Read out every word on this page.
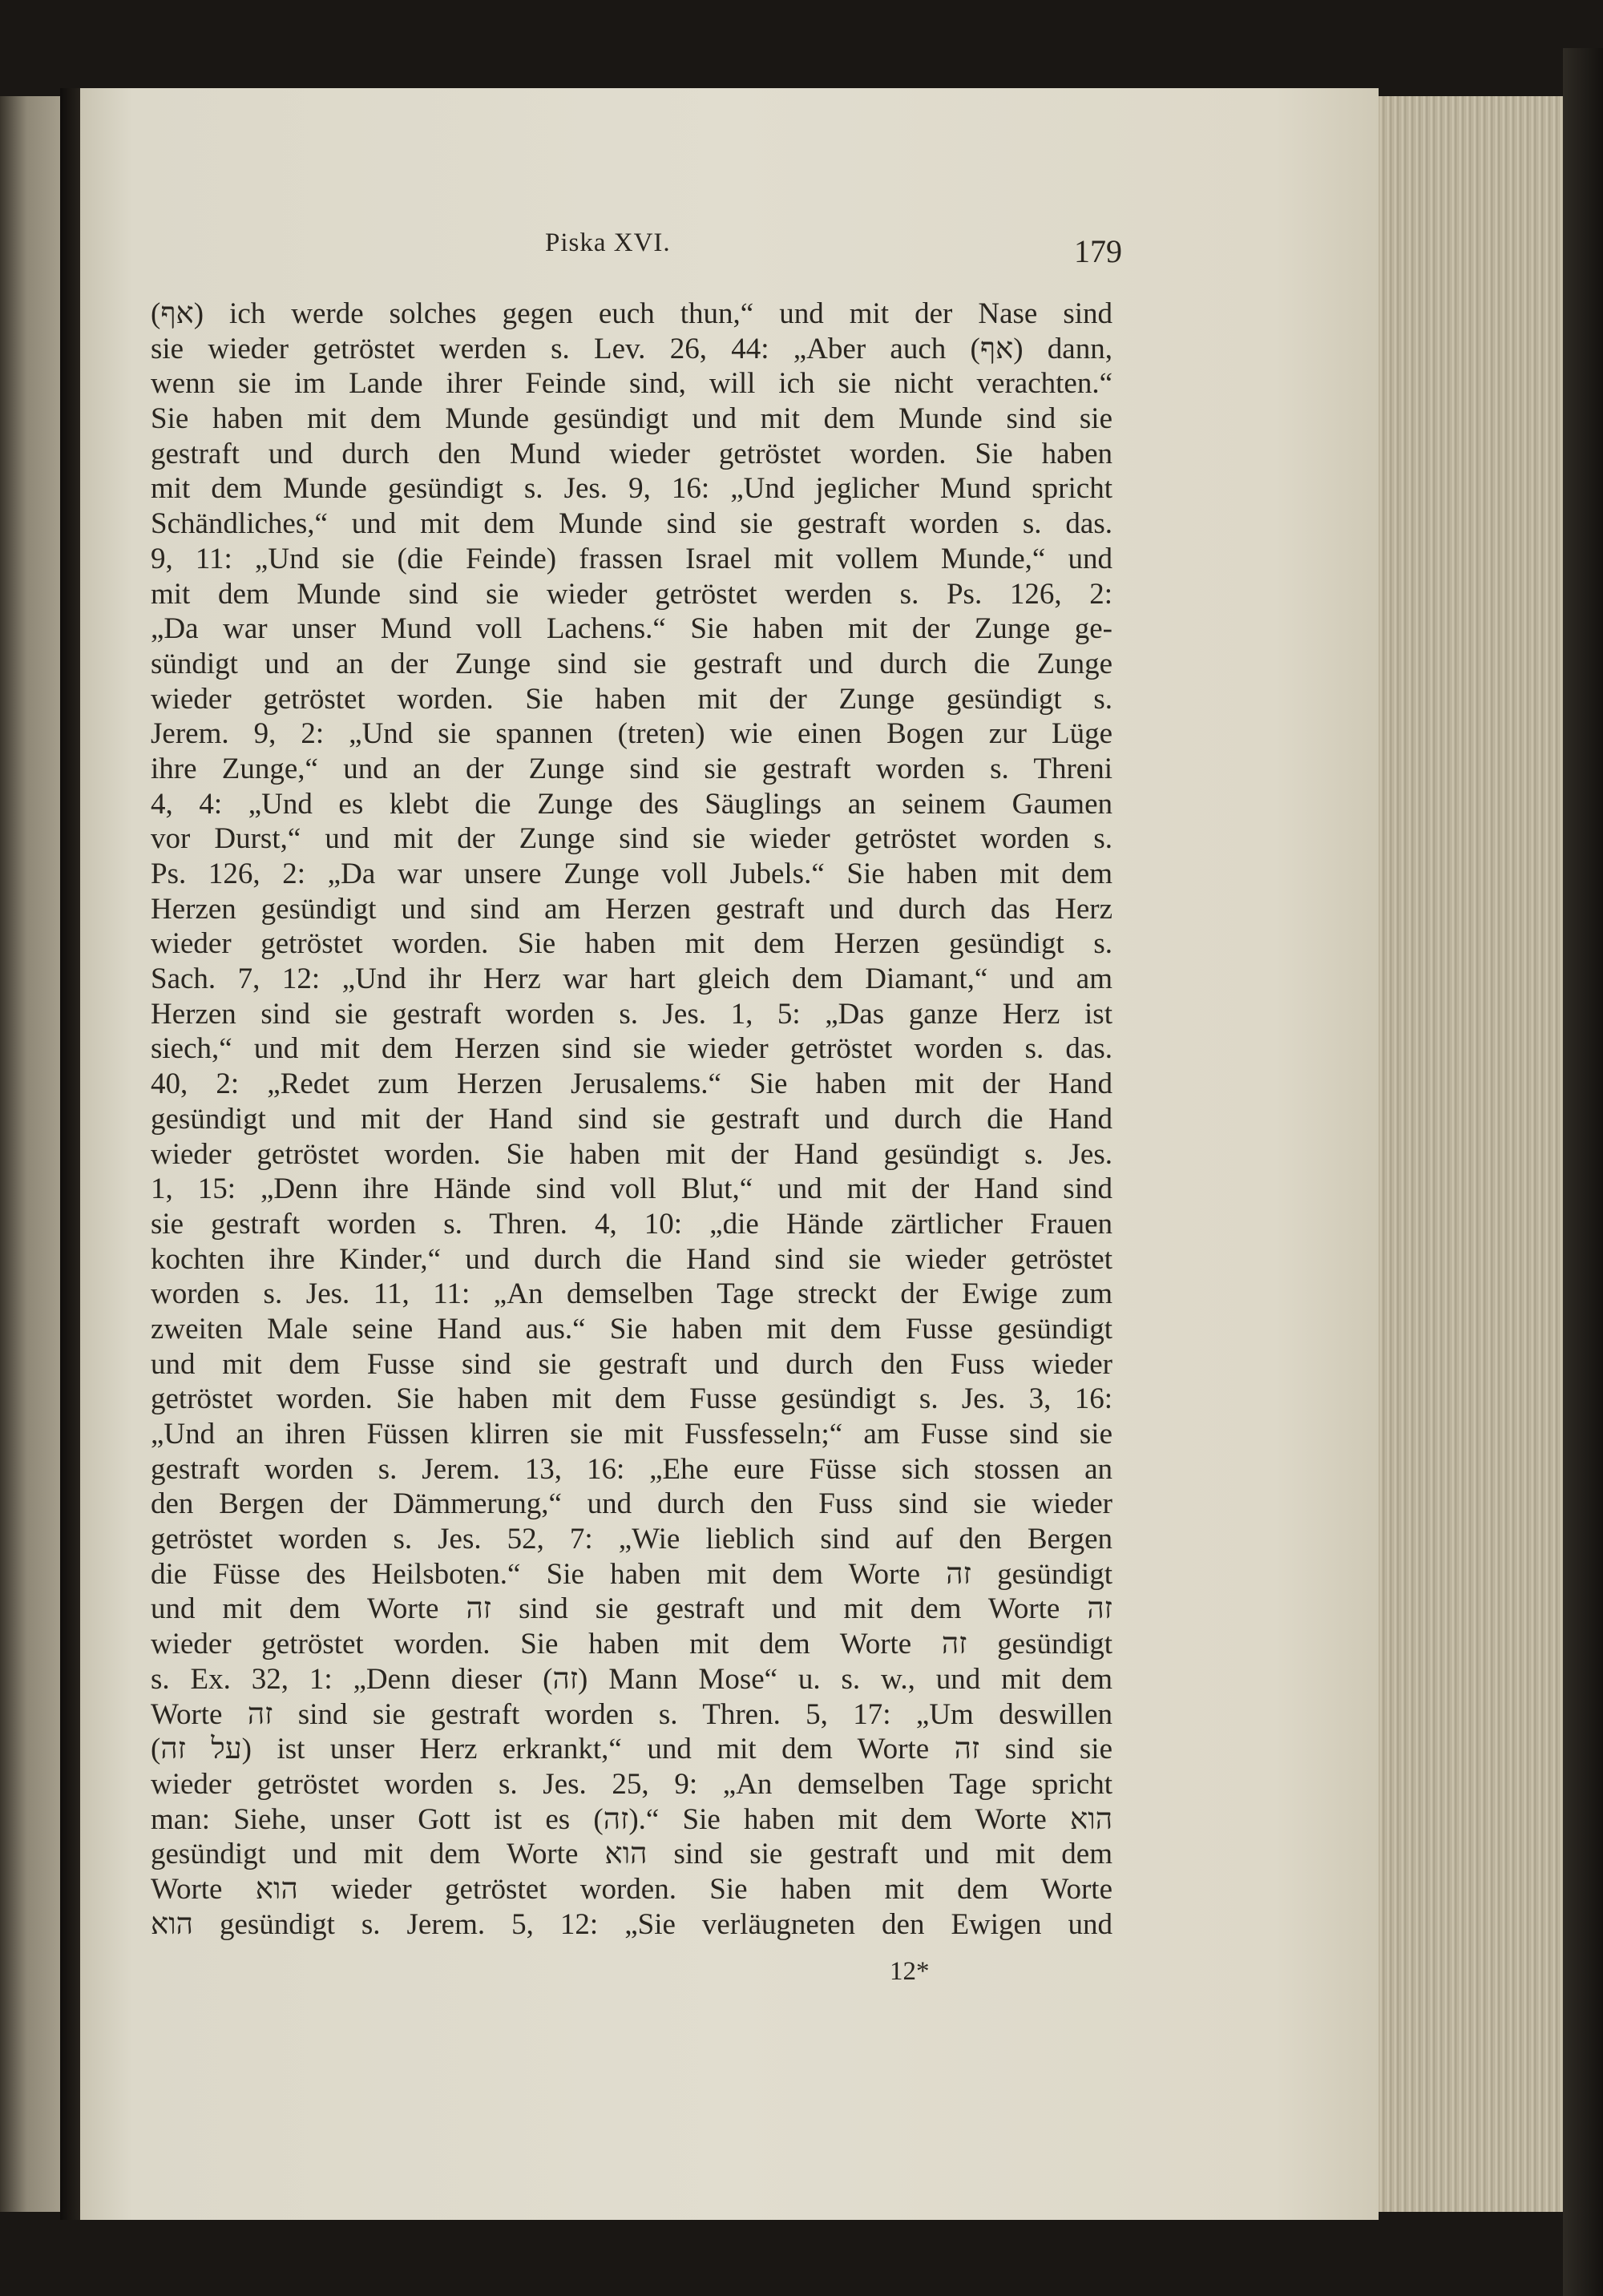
Piska XVI.	179
(אף) ich werde solches gegen euch thun,“ und mit der Nase sind
sie wieder getröstet werden s. Lev. 26, 44: „Aber auch (אף) dann,
wenn sie im Lande ihrer Feinde sind, will ich sie nicht verachten.“
Sie haben mit dem Munde gesündigt und mit dem Munde sind sie
gestraft und durch den Mund wieder getröstet worden. Sie haben
mit dem Munde gesündigt s. Jes. 9, 16: „Und jeglicher Mund spricht
Schändliches,“ und mit dem Munde sind sie gestraft worden s. das.
9, 11: „Und sie (die Feinde) frassen Israel mit vollem Munde,“ und
mit dem Munde sind sie wieder getröstet werden s. Ps. 126, 2:
„Da war unser Mund voll Lachens.“ Sie haben mit der Zunge ge-
sündigt und an der Zunge sind sie gestraft und durch die Zunge
wieder getröstet worden. Sie haben mit der Zunge gesündigt s.
Jerem. 9, 2: „Und sie spannen (treten) wie einen Bogen zur Lüge
ihre Zunge,“ und an der Zunge sind sie gestraft worden s. Threni
4, 4: „Und es klebt die Zunge des Säuglings an seinem Gaumen
vor Durst,“ und mit der Zunge sind sie wieder getröstet worden s.
Ps. 126, 2: „Da war unsere Zunge voll Jubels.“ Sie haben mit dem
Herzen gesündigt und sind am Herzen gestraft und durch das Herz
wieder getröstet worden. Sie haben mit dem Herzen gesündigt s.
Sach. 7, 12: „Und ihr Herz war hart gleich dem Diamant,“ und am
Herzen sind sie gestraft worden s. Jes. 1, 5: „Das ganze Herz ist
siech,“ und mit dem Herzen sind sie wieder getröstet worden s. das.
40, 2: „Redet zum Herzen Jerusalems.“ Sie haben mit der Hand
gesündigt und mit der Hand sind sie gestraft und durch die Hand
wieder getröstet worden. Sie haben mit der Hand gesündigt s. Jes.
1, 15: „Denn ihre Hände sind voll Blut,“ und mit der Hand sind
sie gestraft worden s. Thren. 4, 10: „die Hände zärtlicher Frauen
kochten ihre Kinder,“ und durch die Hand sind sie wieder getröstet
worden s. Jes. 11, 11: „An demselben Tage streckt der Ewige zum
zweiten Male seine Hand aus.“ Sie haben mit dem Fusse gesündigt
und mit dem Fusse sind sie gestraft und durch den Fuss wieder
getröstet worden. Sie haben mit dem Fusse gesündigt s. Jes. 3, 16:
„Und an ihren Füssen klirren sie mit Fussfesseln;“ am Fusse sind sie
gestraft worden s. Jerem. 13, 16: „Ehe eure Füsse sich stossen an
den Bergen der Dämmerung,“ und durch den Fuss sind sie wieder
getröstet worden s. Jes. 52, 7: „Wie lieblich sind auf den Bergen
die Füsse des Heilsboten.“ Sie haben mit dem Worte זה gesündigt
und mit dem Worte זה sind sie gestraft und mit dem Worte זה
wieder getröstet worden. Sie haben mit dem Worte זה gesündigt
s. Ex. 32, 1: „Denn dieser (זה) Mann Mose“ u. s. w., und mit dem
Worte זה sind sie gestraft worden s. Thren. 5, 17: „Um deswillen
(על זה) ist unser Herz erkrankt,“ und mit dem Worte זה sind sie
wieder getröstet worden s. Jes. 25, 9: „An demselben Tage spricht
man: Siehe, unser Gott ist es (זה).“ Sie haben mit dem Worte הוא
gesündigt und mit dem Worte הוא sind sie gestraft und mit dem
Worte הוא wieder getröstet worden. Sie haben mit dem Worte
הוא gesündigt s. Jerem. 5, 12: „Sie verläugneten den Ewigen und
12*
